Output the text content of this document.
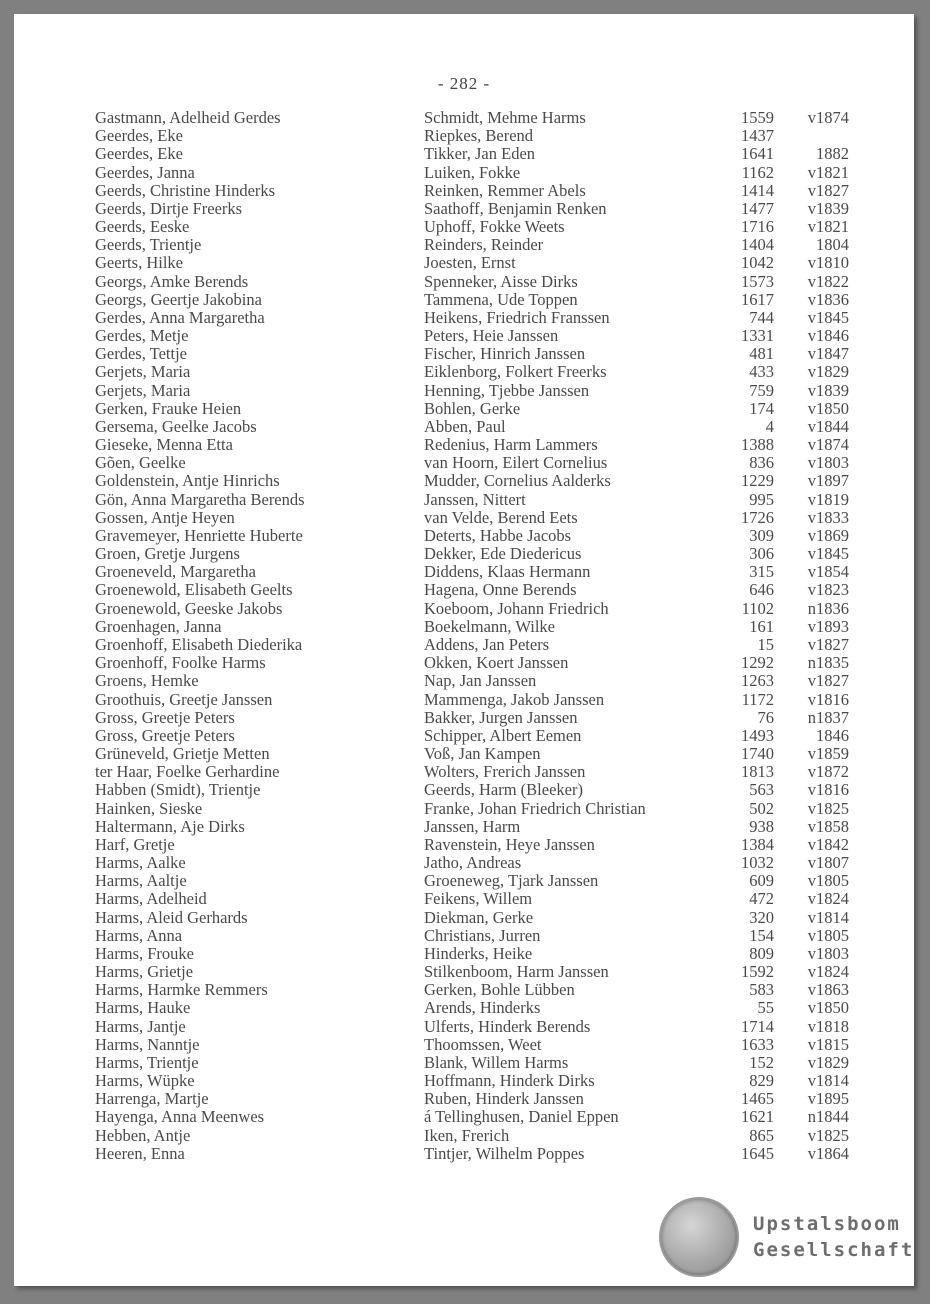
- 282 -
Gastmann, Adelheid Gerdes	Schmidt, Mehme Harms	1559	v1874
Geerdes, Eke	Riepkes, Berend	1437
Geerdes, Eke	Tikker, Jan Eden	1641	1882
Geerdes, Janna	Luiken, Fokke	1162	v1821
Geerds, Christine Hinderks	Reinken, Remmer Abels	1414	v1827
Geerds, Dirtje Freerks	Saathoff, Benjamin Renken	1477	v1839
Geerds, Eeske	Uphoff, Fokke Weets	1716	v1821
Geerds, Trientje	Reinders, Reinder	1404	1804
Geerts, Hilke	Joesten, Ernst	1042	v1810
Georgs, Amke Berends	Spenneker, Aisse Dirks	1573	v1822
Georgs, Geertje Jakobina	Tammena, Ude Toppen	1617	v1836
Gerdes, Anna Margaretha	Heikens, Friedrich Franssen	744	v1845
Gerdes, Metje	Peters, Heie Janssen	1331	v1846
Gerdes, Tettje	Fischer, Hinrich Janssen	481	v1847
Gerjets, Maria	Eiklenborg, Folkert Freerks	433	v1829
Gerjets, Maria	Henning, Tjebbe Janssen	759	v1839
Gerken, Frauke Heien	Bohlen, Gerke	174	v1850
Gersema, Geelke Jacobs	Abben, Paul	4	v1844
Gieseke, Menna Etta	Redenius, Harm Lammers	1388	v1874
Gõen, Geelke	van Hoorn, Eilert Cornelius	836	v1803
Goldenstein, Antje Hinrichs	Mudder, Cornelius Aalderks	1229	v1897
Gön, Anna Margaretha Berends	Janssen, Nittert	995	v1819
Gossen, Antje Heyen	van Velde, Berend Eets	1726	v1833
Gravemeyer, Henriette Huberte	Deterts, Habbe Jacobs	309	v1869
Groen, Gretje Jurgens	Dekker, Ede Diedericus	306	v1845
Groeneveld, Margaretha	Diddens, Klaas Hermann	315	v1854
Groenewold, Elisabeth Geelts	Hagena, Onne Berends	646	v1823
Groenewold, Geeske Jakobs	Koeboom, Johann Friedrich	1102	n1836
Groenhagen, Janna	Boekelmann, Wilke	161	v1893
Groenhoff, Elisabeth Diederika	Addens, Jan Peters	15	v1827
Groenhoff, Foolke Harms	Okken, Koert Janssen	1292	n1835
Groens, Hemke	Nap, Jan Janssen	1263	v1827
Groothuis, Greetje Janssen	Mammenga, Jakob Janssen	1172	v1816
Gross, Greetje Peters	Bakker, Jurgen Janssen	76	n1837
Gross, Greetje Peters	Schipper, Albert Eemen	1493	1846
Grüneveld, Grietje Metten	Voß, Jan Kampen	1740	v1859
ter Haar, Foelke Gerhardine	Wolters, Frerich Janssen	1813	v1872
Habben (Smidt), Trientje	Geerds, Harm (Bleeker)	563	v1816
Hainken, Sieske	Franke, Johan Friedrich Christian	502	v1825
Haltermann, Aje Dirks	Janssen, Harm	938	v1858
Harf, Gretje	Ravenstein, Heye Janssen	1384	v1842
Harms, Aalke	Jatho, Andreas	1032	v1807
Harms, Aaltje	Groeneweg, Tjark Janssen	609	v1805
Harms, Adelheid	Feikens, Willem	472	v1824
Harms, Aleid Gerhards	Diekman, Gerke	320	v1814
Harms, Anna	Christians, Jurren	154	v1805
Harms, Frouke	Hinderks, Heike	809	v1803
Harms, Grietje	Stilkenboom, Harm Janssen	1592	v1824
Harms, Harmke Remmers	Gerken, Bohle Lübben	583	v1863
Harms, Hauke	Arends, Hinderks	55	v1850
Harms, Jantje	Ulferts, Hinderk Berends	1714	v1818
Harms, Nanntje	Thoomssen, Weet	1633	v1815
Harms, Trientje	Blank, Willem Harms	152	v1829
Harms, Wüpke	Hoffmann, Hinderk Dirks	829	v1814
Harrenga, Martje	Ruben, Hinderk Janssen	1465	v1895
Hayenga, Anna Meenwes	á Tellinghusen, Daniel Eppen	1621	n1844
Hebben, Antje	Iken, Frerich	865	v1825
Heeren, Enna	Tintjer, Wilhelm Poppes	1645	v1864
Upstalsboom
Gesellschaft
